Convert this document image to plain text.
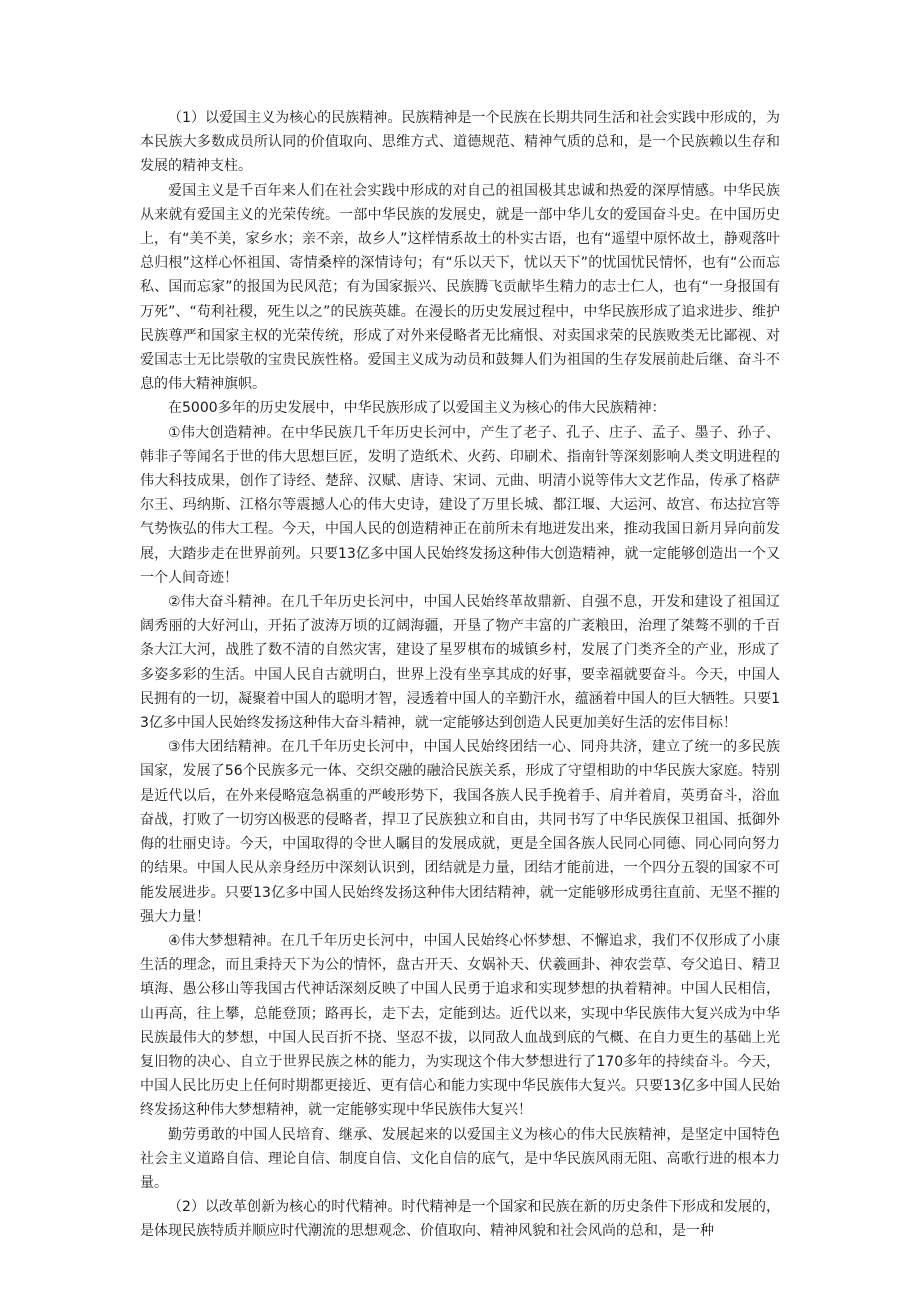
（1）以爱国主义为核心的民族精神。民族精神是一个民族在长期共同生活和社会实践中形成的，为本民族大多数成员所认同的价值取向、思维方式、道德规范、精神气质的总和，是一个民族赖以生存和发展的精神支柱。

爱国主义是千百年来人们在社会实践中形成的对自己的祖国极其忠诚和热爱的深厚情感。中华民族从来就有爱国主义的光荣传统。一部中华民族的发展史，就是一部中华儿女的爱国奋斗史。在中国历史上，有“美不美，家乡水；亲不亲，故乡人”这样情系故土的朴实古语，也有“遥望中原怀故土，静观落叶总归根”这样心怀祖国、寄情桑梓的深情诗句；有“乐以天下，忧以天下”的忧国忧民情怀，也有“公而忘私、国而忘家”的报国为民风范；有为国家振兴、民族腾飞贡献毕生精力的志士仁人，也有“一身报国有万死”、“苟利社稷，死生以之”的民族英雄。在漫长的历史发展过程中，中华民族形成了追求进步、维护民族尊严和国家主权的光荣传统，形成了对外来侵略者无比痛恨、对卖国求荣的民族败类无比鄙视、对爱国志士无比崇敬的宝贵民族性格。爱国主义成为动员和鼓舞人们为祖国的生存发展前赴后继、奋斗不息的伟大精神旗帜。

在5000多年的历史发展中，中华民族形成了以爱国主义为核心的伟大民族精神：

①伟大创造精神。在中华民族几千年历史长河中，产生了老子、孔子、庄子、孟子、墨子、孙子、韩非子等闻名于世的伟大思想巨匠，发明了造纸术、火药、印刷术、指南针等深刻影响人类文明进程的伟大科技成果，创作了诗经、楚辞、汉赋、唐诗、宋词、元曲、明清小说等伟大文艺作品，传承了格萨尔王、玛纳斯、江格尔等震撼人心的伟大史诗，建设了万里长城、都江堰、大运河、故宫、布达拉宫等气势恢弘的伟大工程。今天，中国人民的创造精神正在前所未有地迸发出来，推动我国日新月异向前发展，大踏步走在世界前列。只要13亿多中国人民始终发扬这种伟大创造精神，就一定能够创造出一个又一个人间奇迹！

②伟大奋斗精神。在几千年历史长河中，中国人民始终革故鼎新、自强不息，开发和建设了祖国辽阔秀丽的大好河山，开拓了波涛万顷的辽阔海疆，开垦了物产丰富的广袤粮田，治理了桀骜不驯的千百条大江大河，战胜了数不清的自然灾害，建设了星罗棋布的城镇乡村，发展了门类齐全的产业，形成了多姿多彩的生活。中国人民自古就明白，世界上没有坐享其成的好事，要幸福就要奋斗。今天，中国人民拥有的一切，凝聚着中国人的聪明才智，浸透着中国人的辛勤汗水，蕴涵着中国人的巨大牺牲。只要13亿多中国人民始终发扬这种伟大奋斗精神，就一定能够达到创造人民更加美好生活的宏伟目标！

③伟大团结精神。在几千年历史长河中，中国人民始终团结一心、同舟共济，建立了统一的多民族国家，发展了56个民族多元一体、交织交融的融洽民族关系，形成了守望相助的中华民族大家庭。特别是近代以后，在外来侵略寇急祸重的严峻形势下，我国各族人民手挽着手、肩并着肩，英勇奋斗，浴血奋战，打败了一切穷凶极恶的侵略者，捍卫了民族独立和自由，共同书写了中华民族保卫祖国、抵御外侮的壮丽史诗。今天，中国取得的令世人瞩目的发展成就，更是全国各族人民同心同德、同心同向努力的结果。中国人民从亲身经历中深刻认识到，团结就是力量，团结才能前进，一个四分五裂的国家不可能发展进步。只要13亿多中国人民始终发扬这种伟大团结精神，就一定能够形成勇往直前、无坚不摧的强大力量！

④伟大梦想精神。在几千年历史长河中，中国人民始终心怀梦想、不懈追求，我们不仅形成了小康生活的理念，而且秉持天下为公的情怀，盘古开天、女娲补天、伏羲画卦、神农尝草、夸父追日、精卫填海、愚公移山等我国古代神话深刻反映了中国人民勇于追求和实现梦想的执着精神。中国人民相信，山再高，往上攀，总能登顶；路再长，走下去，定能到达。近代以来，实现中华民族伟大复兴成为中华民族最伟大的梦想，中国人民百折不挠、坚忍不拔，以同敌人血战到底的气概、在自力更生的基础上光复旧物的决心、自立于世界民族之林的能力，为实现这个伟大梦想进行了170多年的持续奋斗。今天，中国人民比历史上任何时期都更接近、更有信心和能力实现中华民族伟大复兴。只要13亿多中国人民始终发扬这种伟大梦想精神，就一定能够实现中华民族伟大复兴！

勤劳勇敢的中国人民培育、继承、发展起来的以爱国主义为核心的伟大民族精神，是坚定中国特色社会主义道路自信、理论自信、制度自信、文化自信的底气，是中华民族风雨无阻、高歌行进的根本力量。

（2）以改革创新为核心的时代精神。时代精神是一个国家和民族在新的历史条件下形成和发展的，是体现民族特质并顺应时代潮流的思想观念、价值取向、精神风貌和社会风尚的总和，是一种
